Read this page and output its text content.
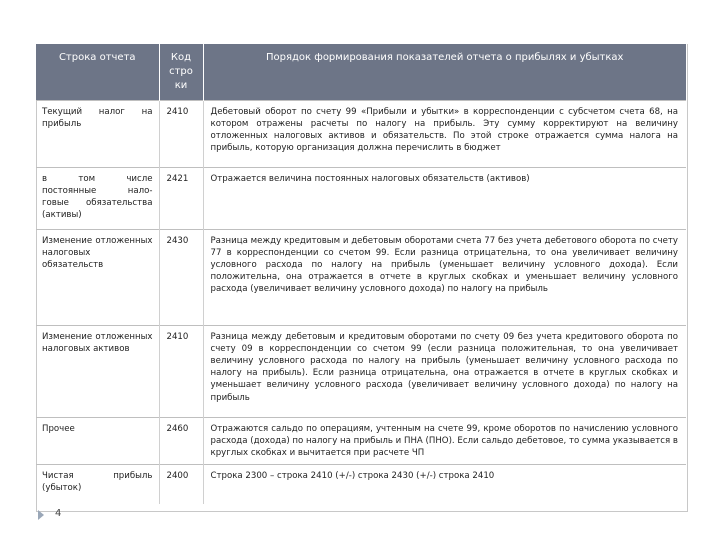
Строка отчета	Код стро ки	Порядок формирования показателей отчета о прибылях и убытках
Текущий налог на прибыль	2410	Дебетовый оборот по счету 99 «Прибыли и убытки» в корреспонденции с субсчетом счета 68, на котором отражены расчеты по налогу на прибыль. Эту сумму корректируют на величину отложенных налоговых активов и обязательств. По этой строке отражается сумма налога на прибыль, которую организация должна перечислить в бюджет
в том числе постоянные нало- говые обязательства (активы)	2421	Отражается величина постоянных налоговых обязательств (активов)
Изменение отложенных налоговых обязательств	2430	Разница между кредитовым и дебетовым оборотами счета 77 без учета дебетового оборота по счету 77 в корреспонденции со счетом 99. Если разница отрицательна, то она увеличивает величину условного расхода по налогу на прибыль (уменьшает величину условного дохода). Если положительна, она отражается в отчете в круглых скобках и уменьшает величину условного расхода (увеличивает величину условного дохода) по налогу на прибыль
Изменение отложенных налоговых активов	2410	Разница между дебетовым и кредитовым оборотами по счету 09 без учета кредитового оборота по счету 09 в корреспонденции со счетом 99 (если разница положительная, то она увеличивает величину условного расхода по налогу на прибыль (уменьшает величину условного расхода по налогу на прибыль). Если разница отрицательна, она отражается в отчете в круглых скобках и уменьшает величину условного расхода (увеличивает величину условного дохода) по налогу на прибыль
Прочее	2460	Отражаются сальдо по операциям, учтенным на счете 99, кроме оборотов по начислению условного расхода (дохода) по налогу на прибыль и ПНА (ПНО). Если сальдо дебетовое, то сумма указывается в круглых скобках и вычитается при расчете ЧП
Чистая прибыль (убыток)	2400	Строка 2300 – строка 2410 (+/-) строка 2430 (+/-) строка 2410
4
